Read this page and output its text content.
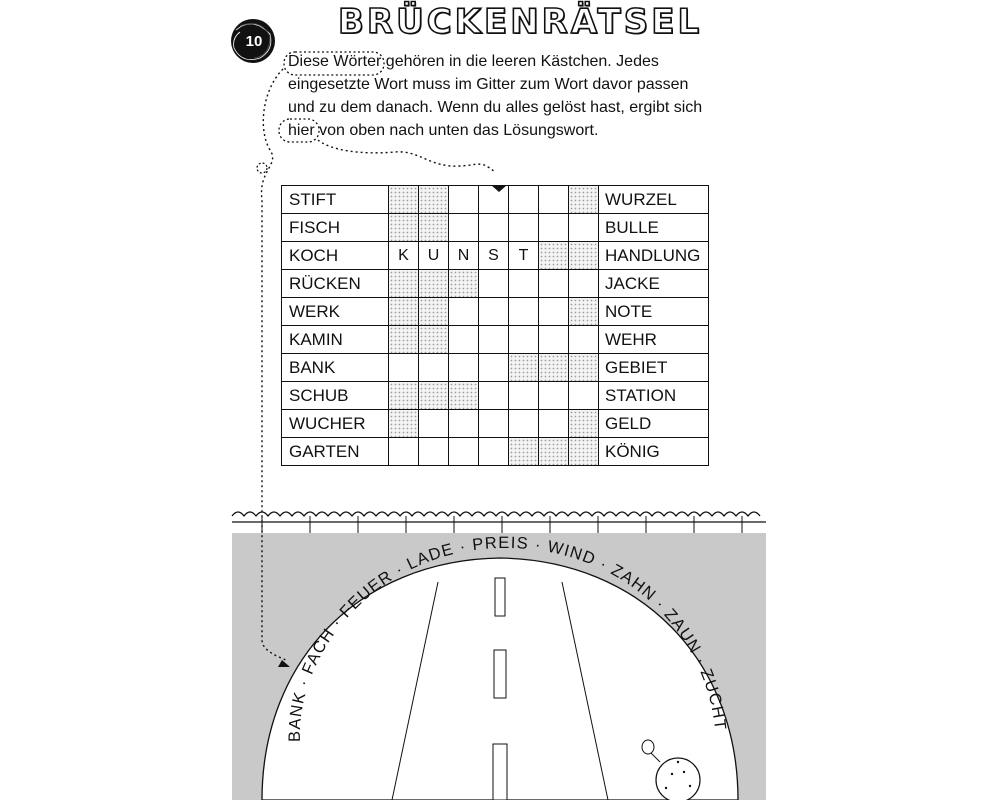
10 BRÜCKENRÄTSEL

Diese Wörter gehören in die leeren Kästchen. Jedes

eingesetzte Wort muss im Gitter zum Wort davor passen

und zu dem danach. Wenn du alles gelöst hast, ergibt sich

hier von oben nach unten das Lösungswort.

STIFT								WURZEL
FISCH								BULLE
KOCH	K	U	N	S	T			HANDLUNG
RÜCKEN								JACKE
WERK								NOTE
KAMIN								WEHR
BANK								GEBIET
SCHUB								STATION
WUCHER								GELD
GARTEN								KÖNIG
BANK · FACH · FEUER · LADE · PREIS · WIND · ZAHN · ZAUN · ZUCHT
